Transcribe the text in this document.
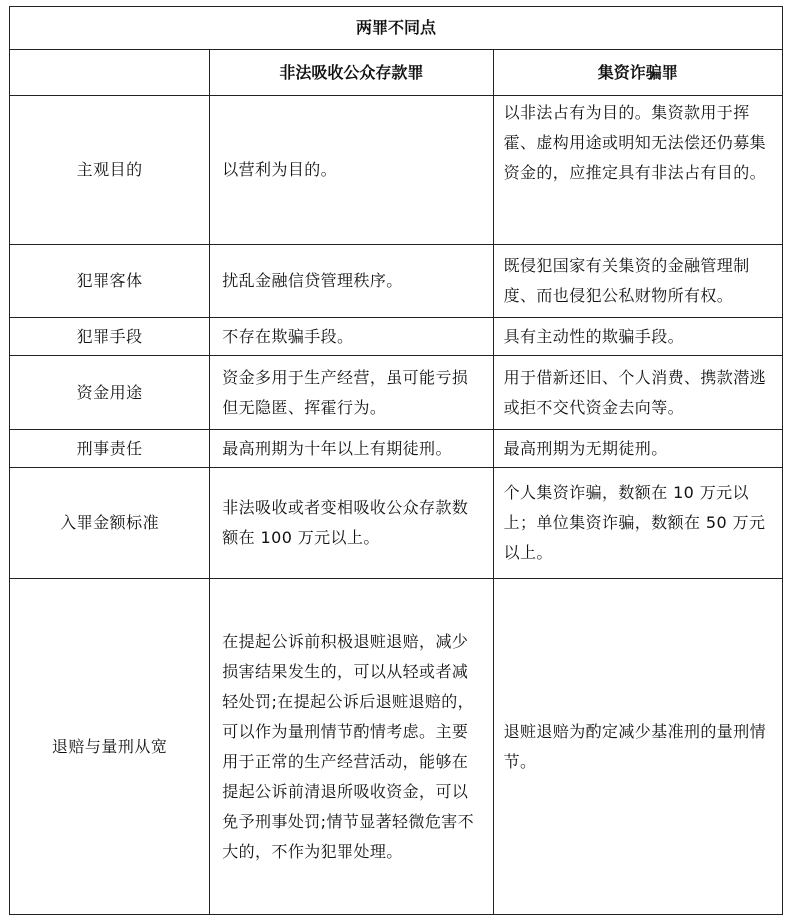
两罪不同点		
	非法吸收公众存款罪	集资诈骗罪
主观目的	以营利为目的。	以非法占有为目的。集资款用于挥霍、虚构用途或明知无法偿还仍募集资金的，应推定具有非法占有目的。

犯罪客体	扰乱金融信贷管理秩序。	既侵犯国家有关集资的金融管理制度、而也侵犯公私财物所有权。

犯罪手段	不存在欺骗手段。	具有主动性的欺骗手段。

资金用途	资金多用于生产经营，虽可能亏损但无隐匿、挥霍行为。	用于借新还旧、个人消费、携款潜逃或拒不交代资金去向等。

刑事责任	最高刑期为十年以上有期徒刑。	最高刑期为无期徒刑。

入罪金额标准	非法吸收或者变相吸收公众存款数额在 100 万元以上。	个人集资诈骗，数额在 10 万元以上；单位集资诈骗，数额在 50 万元以上。

退赔与量刑从宽	在提起公诉前积极退赃退赔，减少损害结果发生的，可以从轻或者减轻处罚;在提起公诉后退赃退赔的，可以作为量刑情节酌情考虑。主要用于正常的生产经营活动，能够在提起公诉前清退所吸收资金，可以免予刑事处罚;情节显著轻微危害不大的，不作为犯罪处理。	退赃退赔为酌定减少基准刑的量刑情节。
